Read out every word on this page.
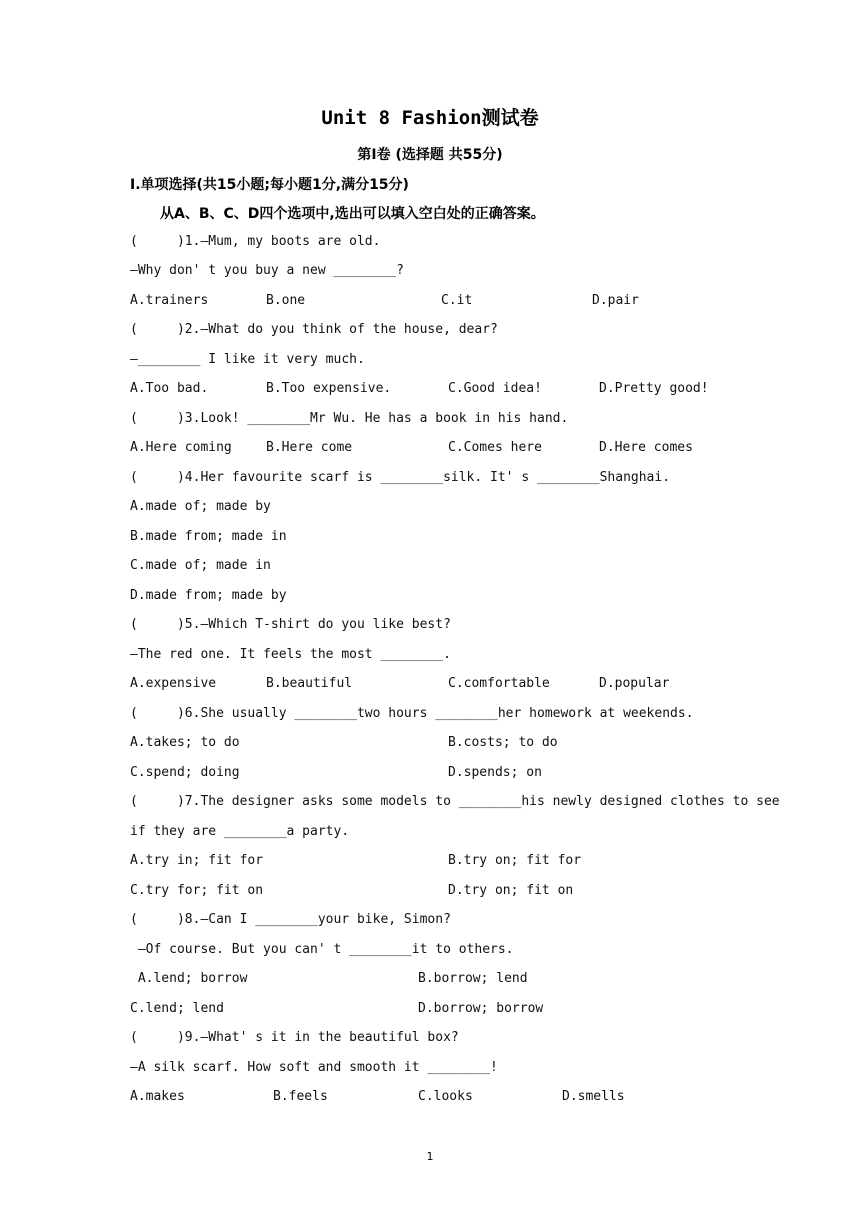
Unit 8 Fashion测试卷
第Ⅰ卷 (选择题 共55分)
Ⅰ.单项选择(共15小题;每小题1分,满分15分)
从A、B、C、D四个选项中,选出可以填入空白处的正确答案。
(     )1.—Mum, my boots are old.
—Why don' t you buy a new ________?
A.trainers	B.one	C.it	D.pair
(     )2.—What do you think of the house, dear?
—________ I like it very much.
A.Too bad.	B.Too expensive.	C.Good idea!	D.Pretty good!
(     )3.Look! ________Mr Wu. He has a book in his hand.
A.Here coming	B.Here come	C.Comes here	D.Here comes
(     )4.Her favourite scarf is ________silk. It' s ________Shanghai.
A.made of; made by
B.made from; made in
C.made of; made in
D.made from; made by
(     )5.—Which T-shirt do you like best?
—The red one. It feels the most ________.
A.expensive	B.beautiful	C.comfortable	D.popular
(     )6.She usually ________two hours ________her homework at weekends.
A.takes; to do	B.costs; to do
C.spend; doing	D.spends; on
(     )7.The designer asks some models to ________his newly designed clothes to see
if they are ________a party.
A.try in; fit for	B.try on; fit for
C.try for; fit on	D.try on; fit on
(     )8.—Can I ________your bike, Simon?
—Of course. But you can' t ________it to others.
A.lend; borrow	B.borrow; lend
C.lend; lend	D.borrow; borrow
(     )9.—What' s it in the beautiful box?
—A silk scarf. How soft and smooth it ________!
A.makes	B.feels	C.looks	D.smells
1
